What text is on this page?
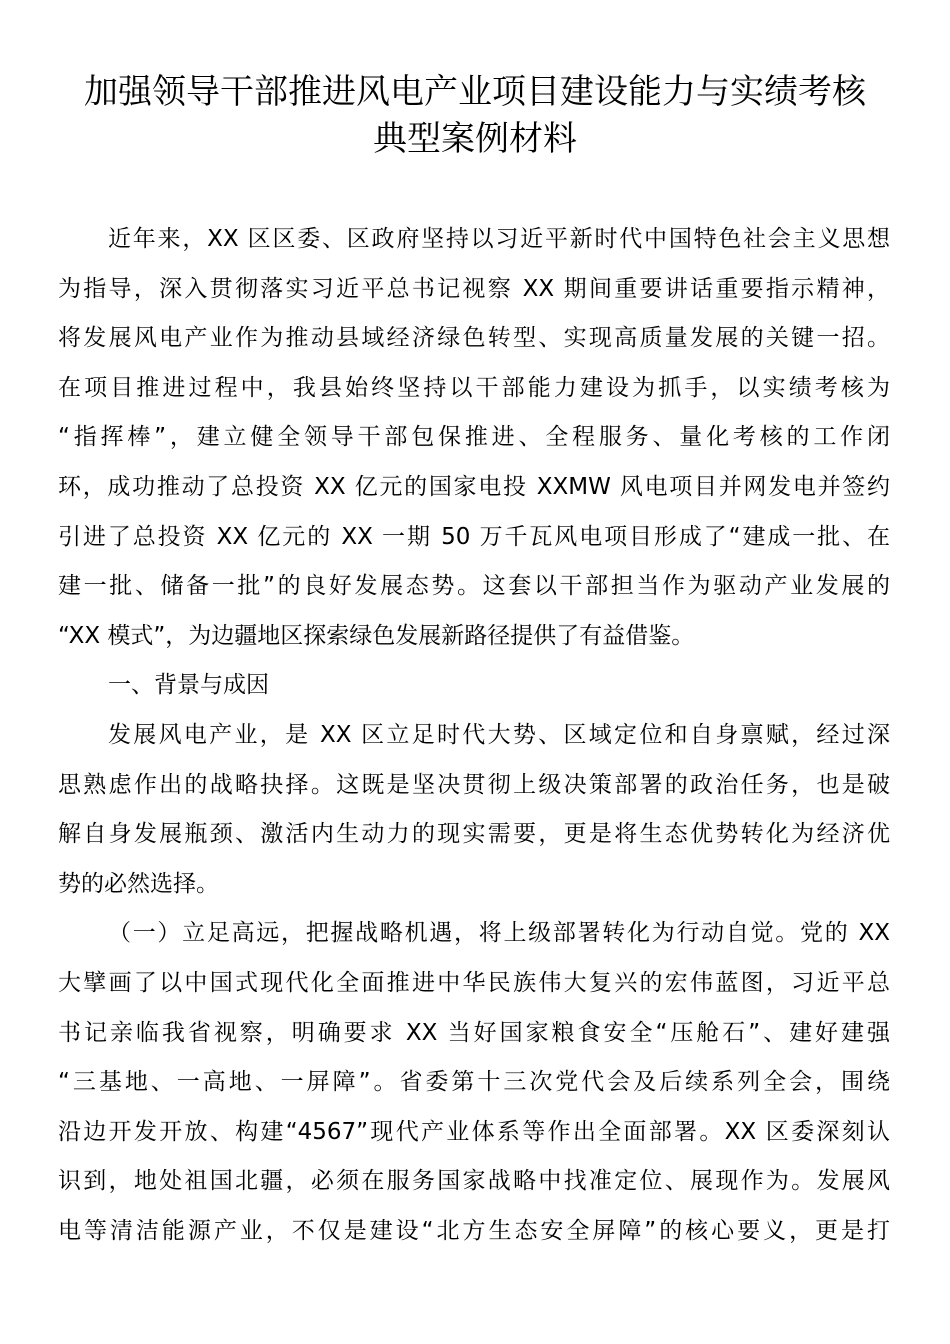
加强领导干部推进风电产业项目建设能力与实绩考核
典型案例材料
近年来，XX 区区委、区政府坚持以习近平新时代中国特色社会主义思想
为指导，深入贯彻落实习近平总书记视察 XX 期间重要讲话重要指示精神，
将发展风电产业作为推动县域经济绿色转型、实现高质量发展的关键一招。
在项目推进过程中，我县始终坚持以干部能力建设为抓手，以实绩考核为
“指挥棒”，建立健全领导干部包保推进、全程服务、量化考核的工作闭
环，成功推动了总投资 XX 亿元的国家电投 XXMW 风电项目并网发电并签约
引进了总投资 XX 亿元的 XX 一期 50 万千瓦风电项目形成了“建成一批、在
建一批、储备一批”的良好发展态势。这套以干部担当作为驱动产业发展的
“XX 模式”，为边疆地区探索绿色发展新路径提供了有益借鉴。
一、背景与成因
发展风电产业，是 XX 区立足时代大势、区域定位和自身禀赋，经过深
思熟虑作出的战略抉择。这既是坚决贯彻上级决策部署的政治任务，也是破
解自身发展瓶颈、激活内生动力的现实需要，更是将生态优势转化为经济优
势的必然选择。
（一）立足高远，把握战略机遇，将上级部署转化为行动自觉。党的 XX
大擘画了以中国式现代化全面推进中华民族伟大复兴的宏伟蓝图，习近平总
书记亲临我省视察，明确要求 XX 当好国家粮食安全“压舱石”、建好建强
“三基地、一高地、一屏障”。省委第十三次党代会及后续系列全会，围绕
沿边开发开放、构建“4567”现代产业体系等作出全面部署。XX 区委深刻认
识到，地处祖国北疆，必须在服务国家战略中找准定位、展现作为。发展风
电等清洁能源产业，不仅是建设“北方生态安全屏障”的核心要义，更是打
